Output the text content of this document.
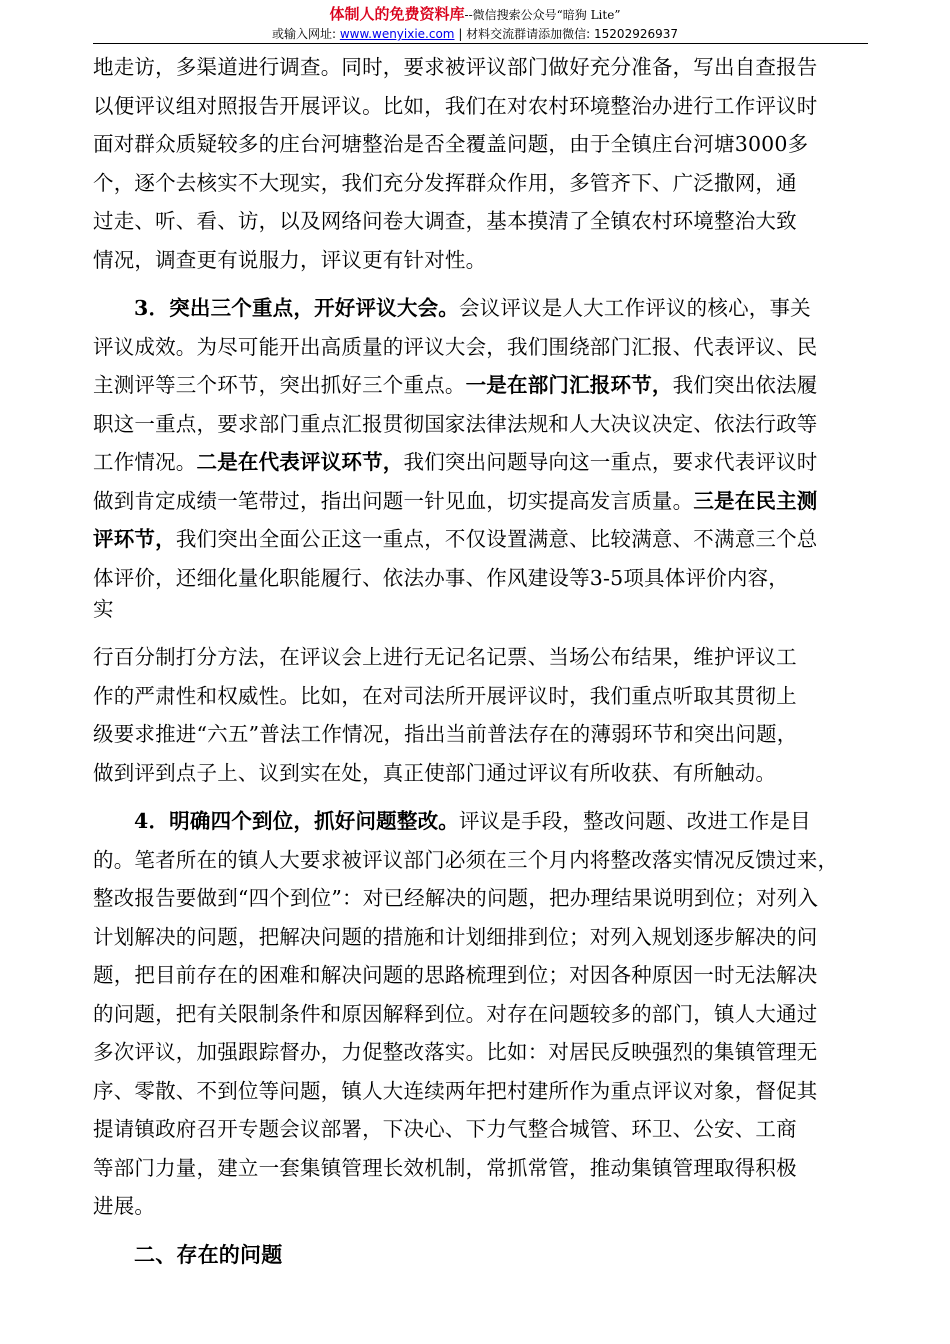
体制人的免费资料库--微信搜索公众号“暗狗 Lite”
或输入网址: www.wenyixie.com | 材料交流群请添加微信: 15202926937
地走访，多渠道进行调查。同时，要求被评议部门做好充分准备，写出自查报告
以便评议组对照报告开展评议。比如，我们在对农村环境整治办进行工作评议时
面对群众质疑较多的庄台河塘整治是否全覆盖问题，由于全镇庄台河塘3000多
个，逐个去核实不大现实，我们充分发挥群众作用，多管齐下、广泛撒网，通
过走、听、看、访，以及网络问卷大调查，基本摸清了全镇农村环境整治大致
情况，调查更有说服力，评议更有针对性。
3．突出三个重点，开好评议大会。会议评议是人大工作评议的核心，事关
评议成效。为尽可能开出高质量的评议大会，我们围绕部门汇报、代表评议、民
主测评等三个环节，突出抓好三个重点。一是在部门汇报环节，我们突出依法履
职这一重点，要求部门重点汇报贯彻国家法律法规和人大决议决定、依法行政等
工作情况。二是在代表评议环节，我们突出问题导向这一重点，要求代表评议时
做到肯定成绩一笔带过，指出问题一针见血，切实提高发言质量。三是在民主测
评环节，我们突出全面公正这一重点，不仅设置满意、比较满意、不满意三个总
体评价，还细化量化职能履行、依法办事、作风建设等3-5项具体评价内容，
实
行百分制打分方法，在评议会上进行无记名记票、当场公布结果，维护评议工
作的严肃性和权威性。比如，在对司法所开展评议时，我们重点听取其贯彻上
级要求推进“六五”普法工作情况，指出当前普法存在的薄弱环节和突出问题，
做到评到点子上、议到实在处，真正使部门通过评议有所收获、有所触动。
4．明确四个到位，抓好问题整改。评议是手段，整改问题、改进工作是目
的。笔者所在的镇人大要求被评议部门必须在三个月内将整改落实情况反馈过来，
整改报告要做到“四个到位”：对已经解决的问题，把办理结果说明到位；对列入
计划解决的问题，把解决问题的措施和计划细排到位；对列入规划逐步解决的问
题，把目前存在的困难和解决问题的思路梳理到位；对因各种原因一时无法解决
的问题，把有关限制条件和原因解释到位。对存在问题较多的部门，镇人大通过
多次评议，加强跟踪督办，力促整改落实。比如：对居民反映强烈的集镇管理无
序、零散、不到位等问题，镇人大连续两年把村建所作为重点评议对象，督促其
提请镇政府召开专题会议部署，下决心、下力气整合城管、环卫、公安、工商
等部门力量，建立一套集镇管理长效机制，常抓常管，推动集镇管理取得积极
进展。
二、存在的问题
